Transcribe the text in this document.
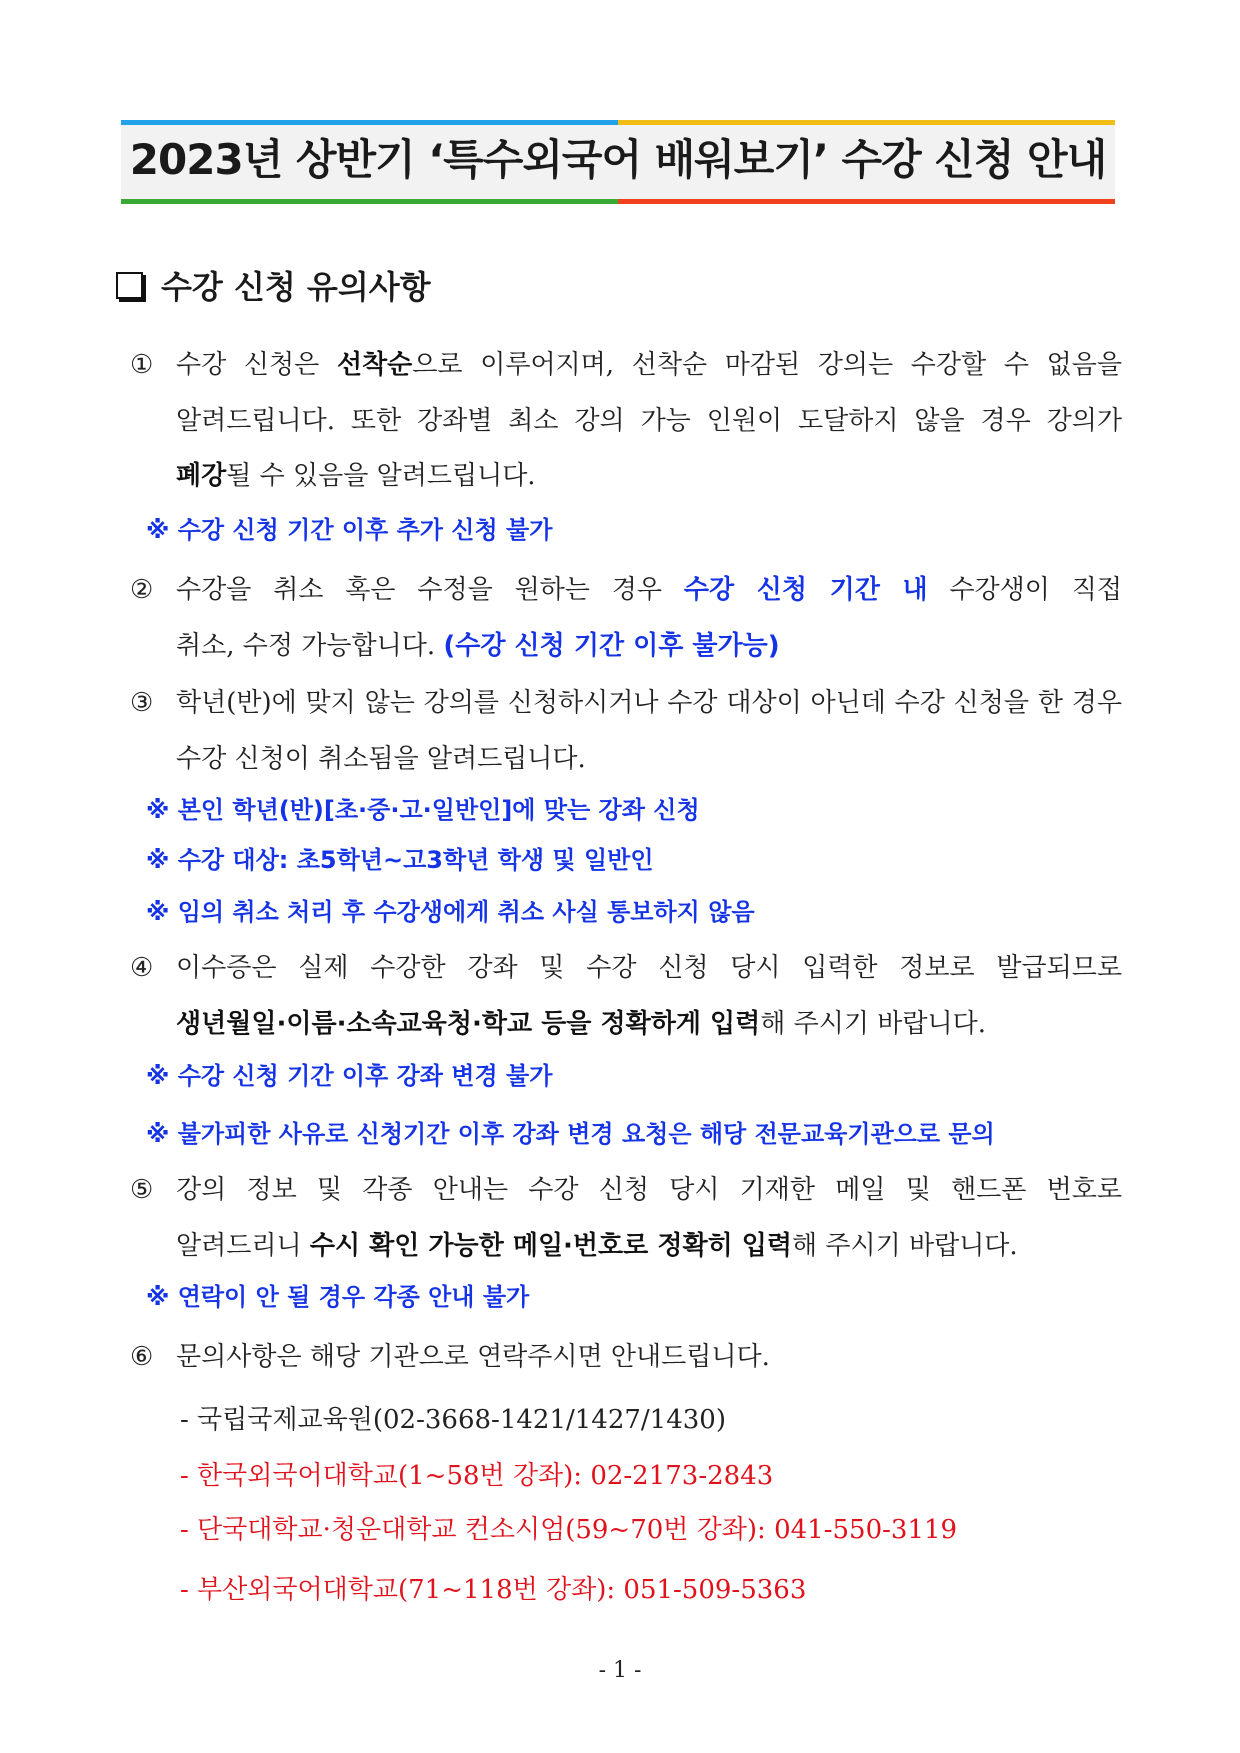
2023년 상반기 ‘특수외국어 배워보기’ 수강 신청 안내
수강 신청 유의사항
① 수강 신청은 선착순으로 이루어지며, 선착순 마감된 강의는 수강할 수 없음을
알려드립니다. 또한 강좌별 최소 강의 가능 인원이 도달하지 않을 경우 강의가
폐강될 수 있음을 알려드립니다.
※ 수강 신청 기간 이후 추가 신청 불가
② 수강을 취소 혹은 수정을 원하는 경우 수강 신청 기간 내 수강생이 직접
취소, 수정 가능합니다. (수강 신청 기간 이후 불가능)
③ 학년(반)에 맞지 않는 강의를 신청하시거나 수강 대상이 아닌데 수강 신청을 한 경우
수강 신청이 취소됨을 알려드립니다.
※ 본인 학년(반)[초·중·고·일반인]에 맞는 강좌 신청
※ 수강 대상: 초5학년~고3학년 학생 및 일반인
※ 임의 취소 처리 후 수강생에게 취소 사실 통보하지 않음
④ 이수증은 실제 수강한 강좌 및 수강 신청 당시 입력한 정보로 발급되므로
생년월일·이름·소속교육청·학교 등을 정확하게 입력해 주시기 바랍니다.
※ 수강 신청 기간 이후 강좌 변경 불가
※ 불가피한 사유로 신청기간 이후 강좌 변경 요청은 해당 전문교육기관으로 문의
⑤ 강의 정보 및 각종 안내는 수강 신청 당시 기재한 메일 및 핸드폰 번호로
알려드리니 수시 확인 가능한 메일·번호로 정확히 입력해 주시기 바랍니다.
※ 연락이 안 될 경우 각종 안내 불가
⑥ 문의사항은 해당 기관으로 연락주시면 안내드립니다.
- 국립국제교육원(02-3668-1421/1427/1430)
- 한국외국어대학교(1~58번 강좌): 02-2173-2843
- 단국대학교·청운대학교 컨소시엄(59~70번 강좌): 041-550-3119
- 부산외국어대학교(71~118번 강좌): 051-509-5363
- 1 -
